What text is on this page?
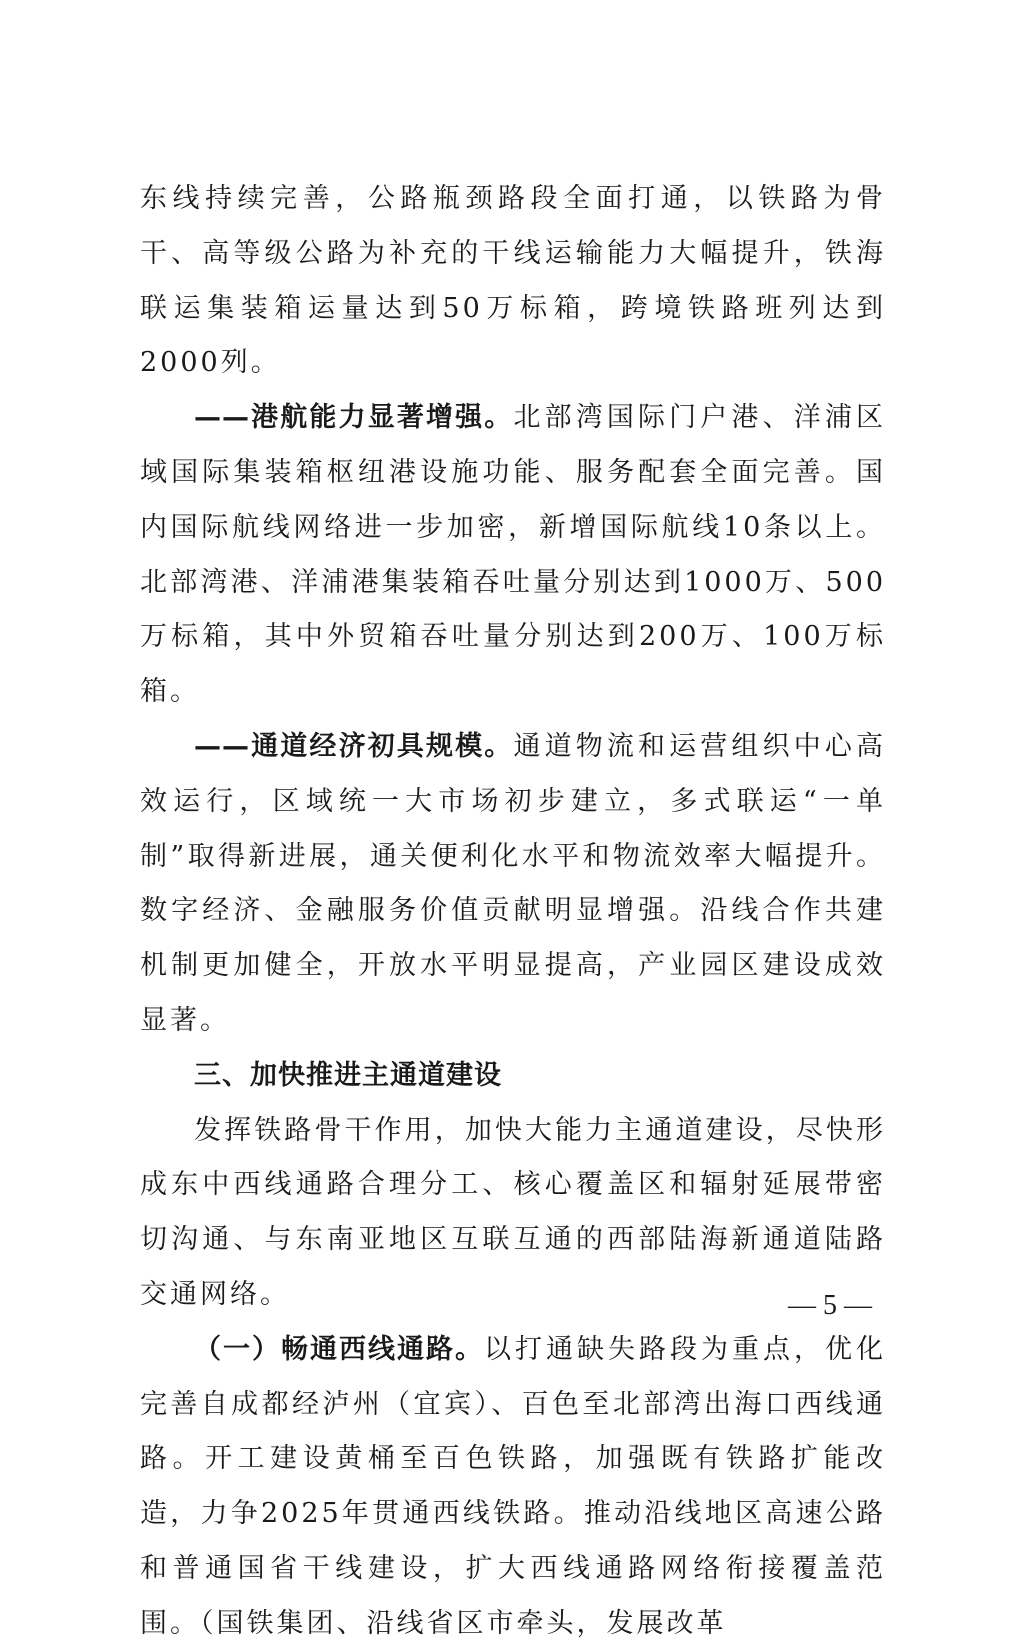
东线持续完善，公路瓶颈路段全面打通，以铁路为骨干、高等级公路为补充的干线运输能力大幅提升，铁海联运集装箱运量达到50万标箱，跨境铁路班列达到2000列。

——港航能力显著增强。北部湾国际门户港、洋浦区域国际集装箱枢纽港设施功能、服务配套全面完善。国内国际航线网络进一步加密，新增国际航线10条以上。北部湾港、洋浦港集装箱吞吐量分别达到1000万、500万标箱，其中外贸箱吞吐量分别达到200万、100万标箱。

——通道经济初具规模。通道物流和运营组织中心高效运行，区域统一大市场初步建立，多式联运“一单制”取得新进展，通关便利化水平和物流效率大幅提升。数字经济、金融服务价值贡献明显增强。沿线合作共建机制更加健全，开放水平明显提高，产业园区建设成效显著。

三、加快推进主通道建设

发挥铁路骨干作用，加快大能力主通道建设，尽快形成东中西线通路合理分工、核心覆盖区和辐射延展带密切沟通、与东南亚地区互联互通的西部陆海新通道陆路交通网络。

（一）畅通西线通路。以打通缺失路段为重点，优化完善自成都经泸州（宜宾）、百色至北部湾出海口西线通路。开工建设黄桶至百色铁路，加强既有铁路扩能改造，力争2025年贯通西线铁路。推动沿线地区高速公路和普通国省干线建设，扩大西线通路网络衔接覆盖范围。（国铁集团、沿线省区市牵头，发展改革

— 5 —
